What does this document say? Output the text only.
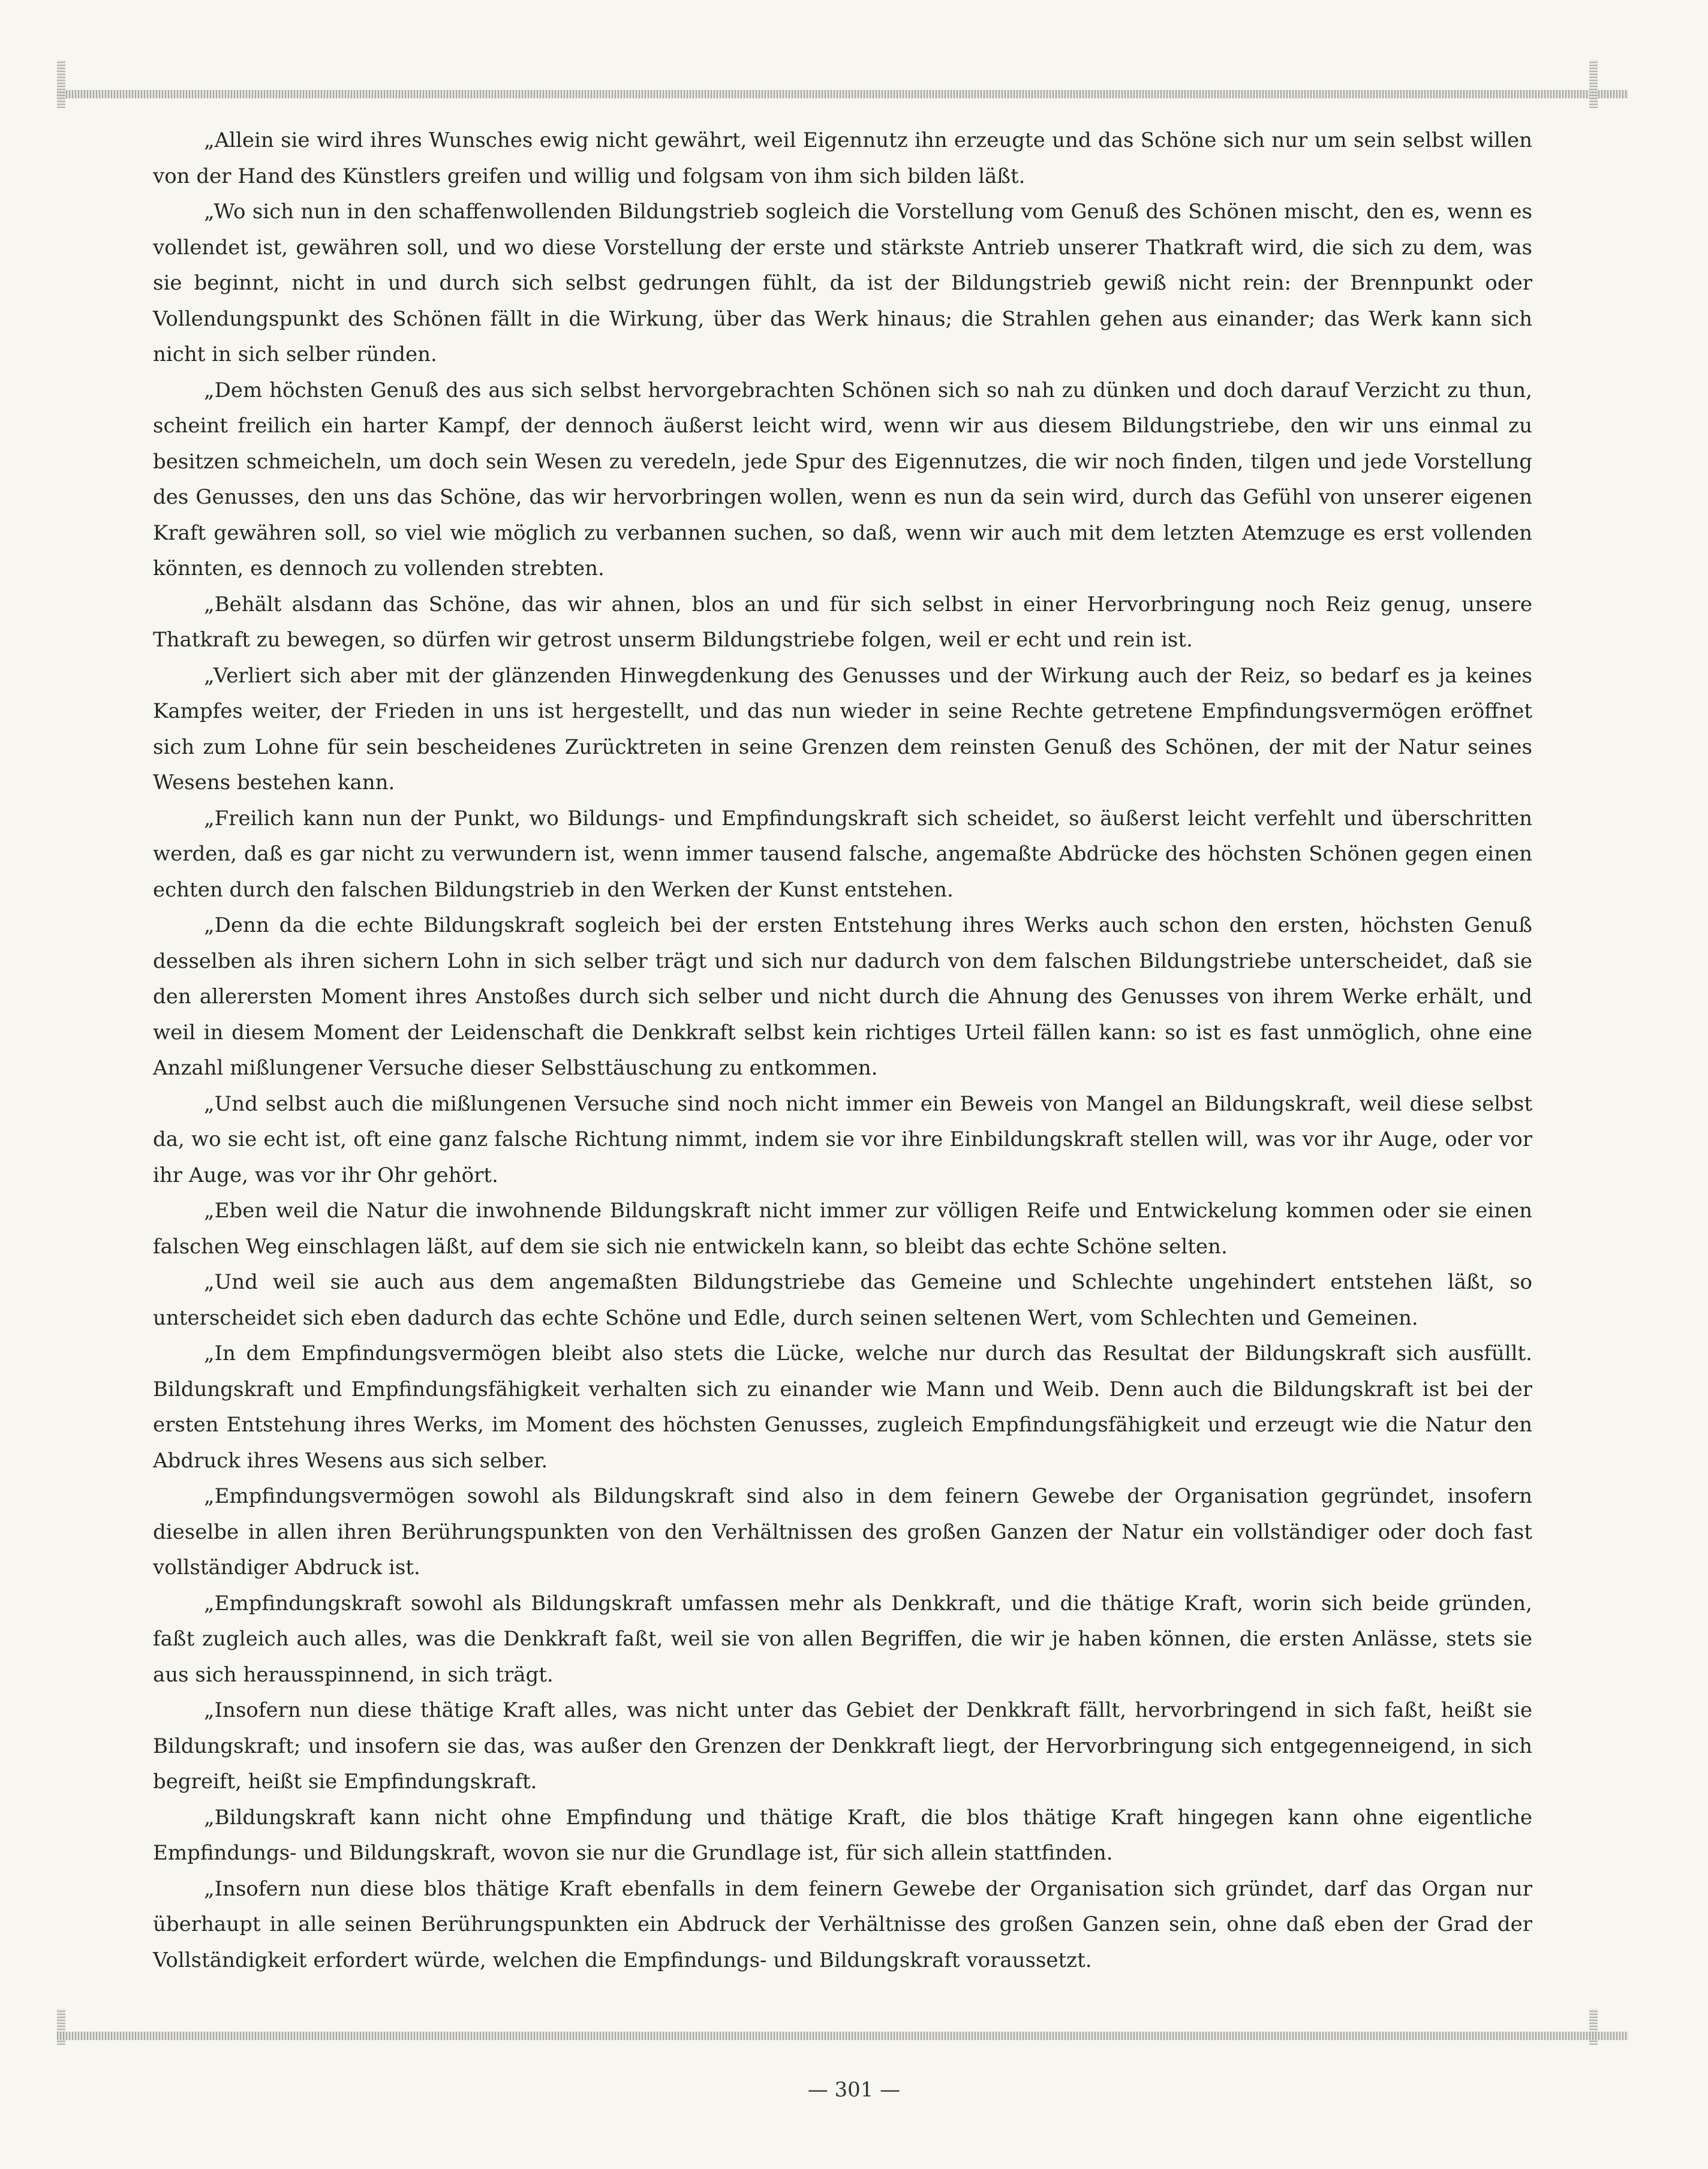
„Allein sie wird ihres Wunsches ewig nicht gewährt, weil Eigennutz ihn erzeugte und das Schöne sich nur um sein selbst willen von der Hand des Künstlers greifen und willig und folgsam von ihm sich bilden läßt.

„Wo sich nun in den schaffenwollenden Bildungstrieb sogleich die Vorstellung vom Genuß des Schönen mischt, den es, wenn es vollendet ist, gewähren soll, und wo diese Vorstellung der erste und stärkste Antrieb unserer Thatkraft wird, die sich zu dem, was sie beginnt, nicht in und durch sich selbst gedrungen fühlt, da ist der Bildungstrieb gewiß nicht rein: der Brennpunkt oder Vollendungspunkt des Schönen fällt in die Wirkung, über das Werk hinaus; die Strahlen gehen aus einander; das Werk kann sich nicht in sich selber ründen.

„Dem höchsten Genuß des aus sich selbst hervorgebrachten Schönen sich so nah zu dünken und doch darauf Verzicht zu thun, scheint freilich ein harter Kampf, der dennoch äußerst leicht wird, wenn wir aus diesem Bildungstriebe, den wir uns einmal zu besitzen schmeicheln, um doch sein Wesen zu veredeln, jede Spur des Eigennutzes, die wir noch finden, tilgen und jede Vorstellung des Genusses, den uns das Schöne, das wir hervorbringen wollen, wenn es nun da sein wird, durch das Gefühl von unserer eigenen Kraft gewähren soll, so viel wie möglich zu verbannen suchen, so daß, wenn wir auch mit dem letzten Atemzuge es erst vollenden könnten, es dennoch zu vollenden strebten.

„Behält alsdann das Schöne, das wir ahnen, blos an und für sich selbst in einer Hervorbringung noch Reiz genug, unsere Thatkraft zu bewegen, so dürfen wir getrost unserm Bildungstriebe folgen, weil er echt und rein ist.

„Verliert sich aber mit der glänzenden Hinwegdenkung des Genusses und der Wirkung auch der Reiz, so bedarf es ja keines Kampfes weiter, der Frieden in uns ist hergestellt, und das nun wieder in seine Rechte getretene Empfindungsvermögen eröffnet sich zum Lohne für sein bescheidenes Zurücktreten in seine Grenzen dem reinsten Genuß des Schönen, der mit der Natur seines Wesens bestehen kann.

„Freilich kann nun der Punkt, wo Bildungs- und Empfindungskraft sich scheidet, so äußerst leicht verfehlt und überschritten werden, daß es gar nicht zu verwundern ist, wenn immer tausend falsche, angemaßte Abdrücke des höchsten Schönen gegen einen echten durch den falschen Bildungstrieb in den Werken der Kunst entstehen.

„Denn da die echte Bildungskraft sogleich bei der ersten Entstehung ihres Werks auch schon den ersten, höchsten Genuß desselben als ihren sichern Lohn in sich selber trägt und sich nur dadurch von dem falschen Bildungstriebe unterscheidet, daß sie den allerersten Moment ihres Anstoßes durch sich selber und nicht durch die Ahnung des Genusses von ihrem Werke erhält, und weil in diesem Moment der Leidenschaft die Denkkraft selbst kein richtiges Urteil fällen kann: so ist es fast unmöglich, ohne eine Anzahl mißlungener Versuche dieser Selbsttäuschung zu entkommen.

„Und selbst auch die mißlungenen Versuche sind noch nicht immer ein Beweis von Mangel an Bildungskraft, weil diese selbst da, wo sie echt ist, oft eine ganz falsche Richtung nimmt, indem sie vor ihre Einbildungskraft stellen will, was vor ihr Auge, oder vor ihr Auge, was vor ihr Ohr gehört.

„Eben weil die Natur die inwohnende Bildungskraft nicht immer zur völligen Reife und Entwickelung kommen oder sie einen falschen Weg einschlagen läßt, auf dem sie sich nie entwickeln kann, so bleibt das echte Schöne selten.

„Und weil sie auch aus dem angemaßten Bildungstriebe das Gemeine und Schlechte ungehindert entstehen läßt, so unterscheidet sich eben dadurch das echte Schöne und Edle, durch seinen seltenen Wert, vom Schlechten und Gemeinen.

„In dem Empfindungsvermögen bleibt also stets die Lücke, welche nur durch das Resultat der Bildungskraft sich ausfüllt. Bildungskraft und Empfindungsfähigkeit verhalten sich zu einander wie Mann und Weib. Denn auch die Bildungskraft ist bei der ersten Entstehung ihres Werks, im Moment des höchsten Genusses, zugleich Empfindungsfähigkeit und erzeugt wie die Natur den Abdruck ihres Wesens aus sich selber.

„Empfindungsvermögen sowohl als Bildungskraft sind also in dem feinern Gewebe der Organisation gegründet, insofern dieselbe in allen ihren Berührungspunkten von den Verhältnissen des großen Ganzen der Natur ein vollständiger oder doch fast vollständiger Abdruck ist.

„Empfindungskraft sowohl als Bildungskraft umfassen mehr als Denkkraft, und die thätige Kraft, worin sich beide gründen, faßt zugleich auch alles, was die Denkkraft faßt, weil sie von allen Begriffen, die wir je haben können, die ersten Anlässe, stets sie aus sich herausspinnend, in sich trägt.

„Insofern nun diese thätige Kraft alles, was nicht unter das Gebiet der Denkkraft fällt, hervorbringend in sich faßt, heißt sie Bildungskraft; und insofern sie das, was außer den Grenzen der Denkkraft liegt, der Hervorbringung sich entgegenneigend, in sich begreift, heißt sie Empfindungskraft.

„Bildungskraft kann nicht ohne Empfindung und thätige Kraft, die blos thätige Kraft hingegen kann ohne eigentliche Empfindungs- und Bildungskraft, wovon sie nur die Grundlage ist, für sich allein stattfinden.

„Insofern nun diese blos thätige Kraft ebenfalls in dem feinern Gewebe der Organisation sich gründet, darf das Organ nur überhaupt in alle seinen Berührungspunkten ein Abdruck der Verhältnisse des großen Ganzen sein, ohne daß eben der Grad der Vollständigkeit erfordert würde, welchen die Empfindungs- und Bildungskraft voraussetzt.

— 301 —
